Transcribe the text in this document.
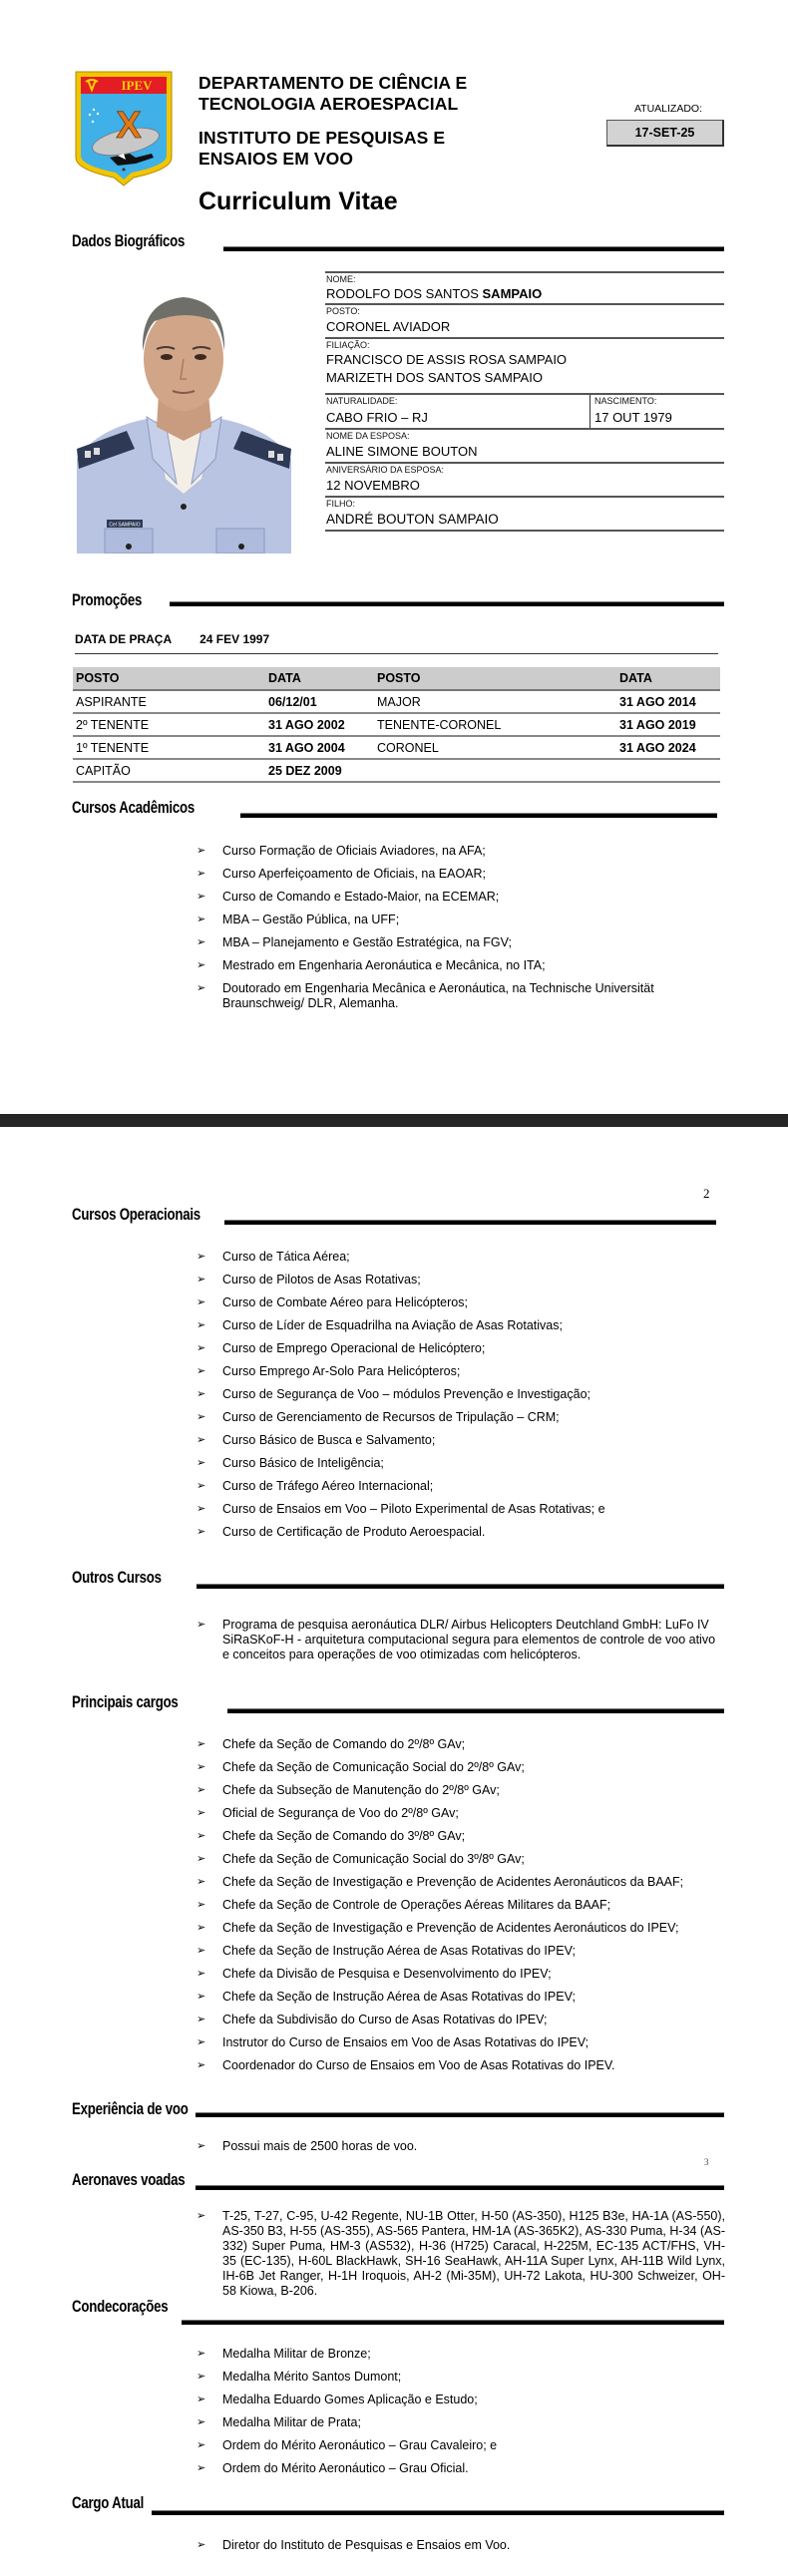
IPEV
X
DEPARTAMENTO DE CIÊNCIA E
TECNOLOGIA AEROESPACIAL
INSTITUTO DE PESQUISAS E
ENSAIOS EM VOO
Curriculum Vitae
ATUALIZADO:
17-SET-25
Dados Biográficos
Cel SAMPAIO
NOME:
RODOLFO DOS SANTOS SAMPAIO
POSTO:
CORONEL AVIADOR
FILIAÇÃO:
FRANCISCO DE ASSIS ROSA SAMPAIO
MARIZETH DOS SANTOS SAMPAIO
NATURALIDADE:
CABO FRIO – RJ
NASCIMENTO:
17 OUT 1979
NOME DA ESPOSA:
ALINE SIMONE BOUTON
ANIVERSÁRIO DA ESPOSA:
12 NOVEMBRO
FILHO:
ANDRÉ BOUTON SAMPAIO
Promoções
DATA DE PRAÇA 24 FEV 1997
POSTO	DATA	POSTO	DATA
ASPIRANTE	06/12/01	MAJOR	31 AGO 2014
2º TENENTE	31 AGO 2002	TENENTE-CORONEL	31 AGO 2019
1º TENENTE	31 AGO 2004	CORONEL	31 AGO 2024
CAPITÃO	25 DEZ 2009		
Cursos Acadêmicos
➢ Curso Formação de Oficiais Aviadores, na AFA;
➢ Curso Aperfeiçoamento de Oficiais, na EAOAR;
➢ Curso de Comando e Estado-Maior, na ECEMAR;
➢ MBA – Gestão Pública, na UFF;
➢ MBA – Planejamento e Gestão Estratégica, na FGV;
➢ Mestrado em Engenharia Aeronáutica e Mecânica, no ITA;
➢ Doutorado em Engenharia Mecânica e Aeronáutica, na Technische Universität Braunschweig/ DLR, Alemanha.
2
Cursos Operacionais
➢ Curso de Tática Aérea;
➢ Curso de Pilotos de Asas Rotativas;
➢ Curso de Combate Aéreo para Helicópteros;
➢ Curso de Líder de Esquadrilha na Aviação de Asas Rotativas;
➢ Curso de Emprego Operacional de Helicóptero;
➢ Curso Emprego Ar-Solo Para Helicópteros;
➢ Curso de Segurança de Voo – módulos Prevenção e Investigação;
➢ Curso de Gerenciamento de Recursos de Tripulação – CRM;
➢ Curso Básico de Busca e Salvamento;
➢ Curso Básico de Inteligência;
➢ Curso de Tráfego Aéreo Internacional;
➢ Curso de Ensaios em Voo – Piloto Experimental de Asas Rotativas; e
➢ Curso de Certificação de Produto Aeroespacial.
Outros Cursos
➢ Programa de pesquisa aeronáutica DLR/ Airbus Helicopters Deutchland GmbH: LuFo IV SiRaSKoF-H - arquitetura computacional segura para elementos de controle de voo ativo e conceitos para operações de voo otimizadas com helicópteros.
Principais cargos
➢ Chefe da Seção de Comando do 2º/8º GAv;
➢ Chefe da Seção de Comunicação Social do 2º/8º GAv;
➢ Chefe da Subseção de Manutenção do 2º/8º GAv;
➢ Oficial de Segurança de Voo do 2º/8º GAv;
➢ Chefe da Seção de Comando do 3º/8º GAv;
➢ Chefe da Seção de Comunicação Social do 3º/8º GAv;
➢ Chefe da Seção de Investigação e Prevenção de Acidentes Aeronáuticos da BAAF;
➢ Chefe da Seção de Controle de Operações Aéreas Militares da BAAF;
➢ Chefe da Seção de Investigação e Prevenção de Acidentes Aeronáuticos do IPEV;
➢ Chefe da Seção de Instrução Aérea de Asas Rotativas do IPEV;
➢ Chefe da Divisão de Pesquisa e Desenvolvimento do IPEV;
➢ Chefe da Seção de Instrução Aérea de Asas Rotativas do IPEV;
➢ Chefe da Subdivisão do Curso de Asas Rotativas do IPEV;
➢ Instrutor do Curso de Ensaios em Voo de Asas Rotativas do IPEV;
➢ Coordenador do Curso de Ensaios em Voo de Asas Rotativas do IPEV.
Experiência de voo
➢ Possui mais de 2500 horas de voo.
3
Aeronaves voadas
➢ T-25, T-27, C-95, U-42 Regente, NU-1B Otter, H-50 (AS-350), H125 B3e, HA-1A (AS-550), AS-350 B3, H-55 (AS-355), AS-565 Pantera, HM-1A (AS-365K2), AS-330 Puma, H-34 (AS-332) Super Puma, HM-3 (AS532), H-36 (H725) Caracal, H-225M, EC-135 ACT/FHS, VH-35 (EC-135), H-60L BlackHawk, SH-16 SeaHawk, AH-11A Super Lynx, AH-11B Wild Lynx, IH-6B Jet Ranger, H-1H Iroquois, AH-2 (Mi-35M), UH-72 Lakota, HU-300 Schweizer, OH-58 Kiowa, B-206.
Condecorações
➢ Medalha Militar de Bronze;
➢ Medalha Mérito Santos Dumont;
➢ Medalha Eduardo Gomes Aplicação e Estudo;
➢ Medalha Militar de Prata;
➢ Ordem do Mérito Aeronáutico – Grau Cavaleiro; e
➢ Ordem do Mérito Aeronáutico – Grau Oficial.
Cargo Atual
➢ Diretor do Instituto de Pesquisas e Ensaios em Voo.
